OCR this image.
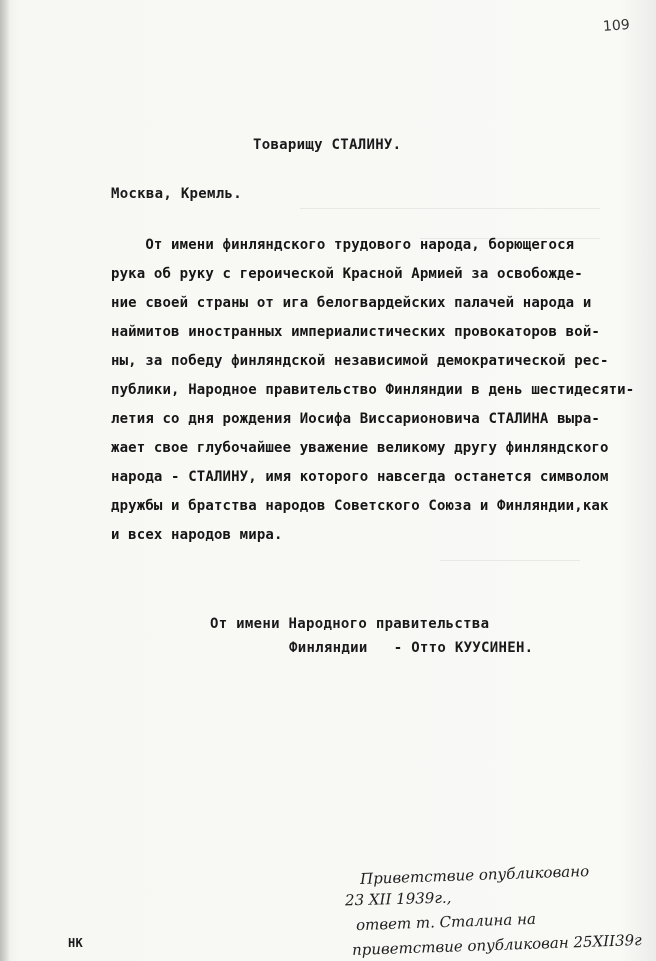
109
Товарищу СТАЛИНУ.
Москва, Кремль.
От имени финляндского трудового народа, борющегося
рука об руку с героической Красной Армией за освобожде-
ние своей страны от ига белогвардейских палачей народа и
наймитов иностранных империалистических провокаторов вой-
ны, за победу финляндской независимой демократической рес-
публики, Народное правительство Финляндии в день шестидесяти-
летия со дня рождения Иосифа Виссарионовича СТАЛИНА выра-
жает свое глубочайшее уважение великому другу финляндского
народа - СТАЛИНУ, имя которого навсегда останется символом
дружбы и братства народов Советского Союза и Финляндии,как
и всех народов мира.
От имени Народного правительства
Финляндии   - Отто КУУСИНЕН.
Приветствие опубликовано
23 XII 1939г.,
ответ т. Сталина на
приветствие опубликован 25XII39г
НК
